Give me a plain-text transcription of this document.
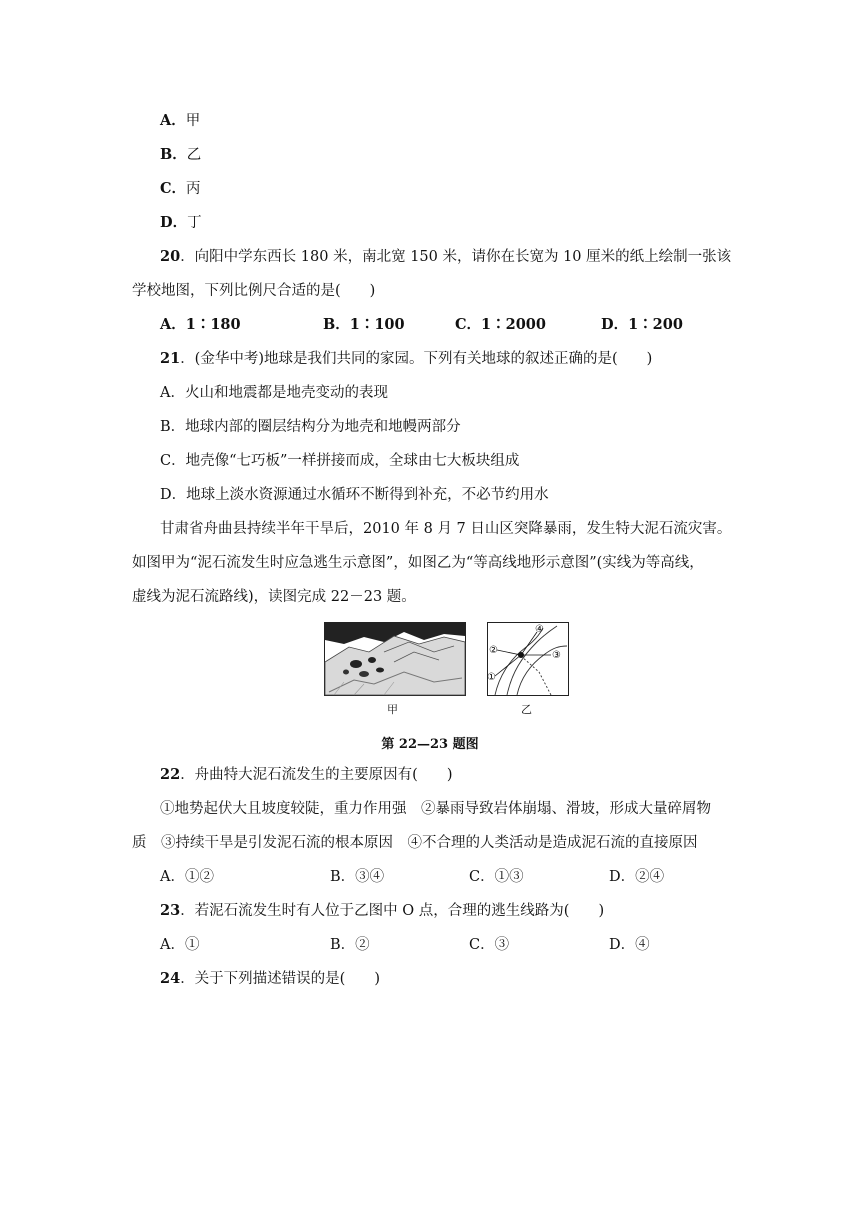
A．甲
B．乙
C．丙
D．丁
20．向阳中学东西长 180 米，南北宽 150 米，请你在长宽为 10 厘米的纸上绘制一张该
学校地图，下列比例尺合适的是(　　)
A．1∶180	B．1∶100	C．1∶2000	D．1∶200
21．(金华中考)地球是我们共同的家园。下列有关地球的叙述正确的是(　　)
A．火山和地震都是地壳变动的表现
B．地球内部的圈层结构分为地壳和地幔两部分
C．地壳像“七巧板”一样拼接而成，全球由七大板块组成
D．地球上淡水资源通过水循环不断得到补充，不必节约用水
甘肃省舟曲县持续半年干旱后，2010 年 8 月 7 日山区突降暴雨，发生特大泥石流灾害。
如图甲为“泥石流发生时应急逃生示意图”，如图乙为“等高线地形示意图”(实线为等高线，
虚线为泥石流路线)，读图完成 22－23 题。
甲
②
①
③
④
乙
第 22—23 题图
22．舟曲特大泥石流发生的主要原因有(　　)
①地势起伏大且坡度较陡，重力作用强　②暴雨导致岩体崩塌、滑坡，形成大量碎屑物
质　③持续干旱是引发泥石流的根本原因　④不合理的人类活动是造成泥石流的直接原因
A．①②	B．③④	C．①③	D．②④
23．若泥石流发生时有人位于乙图中 O 点，合理的逃生线路为(　　)
A．①	B．②	C．③	D．④
24．关于下列描述错误的是(　　)
